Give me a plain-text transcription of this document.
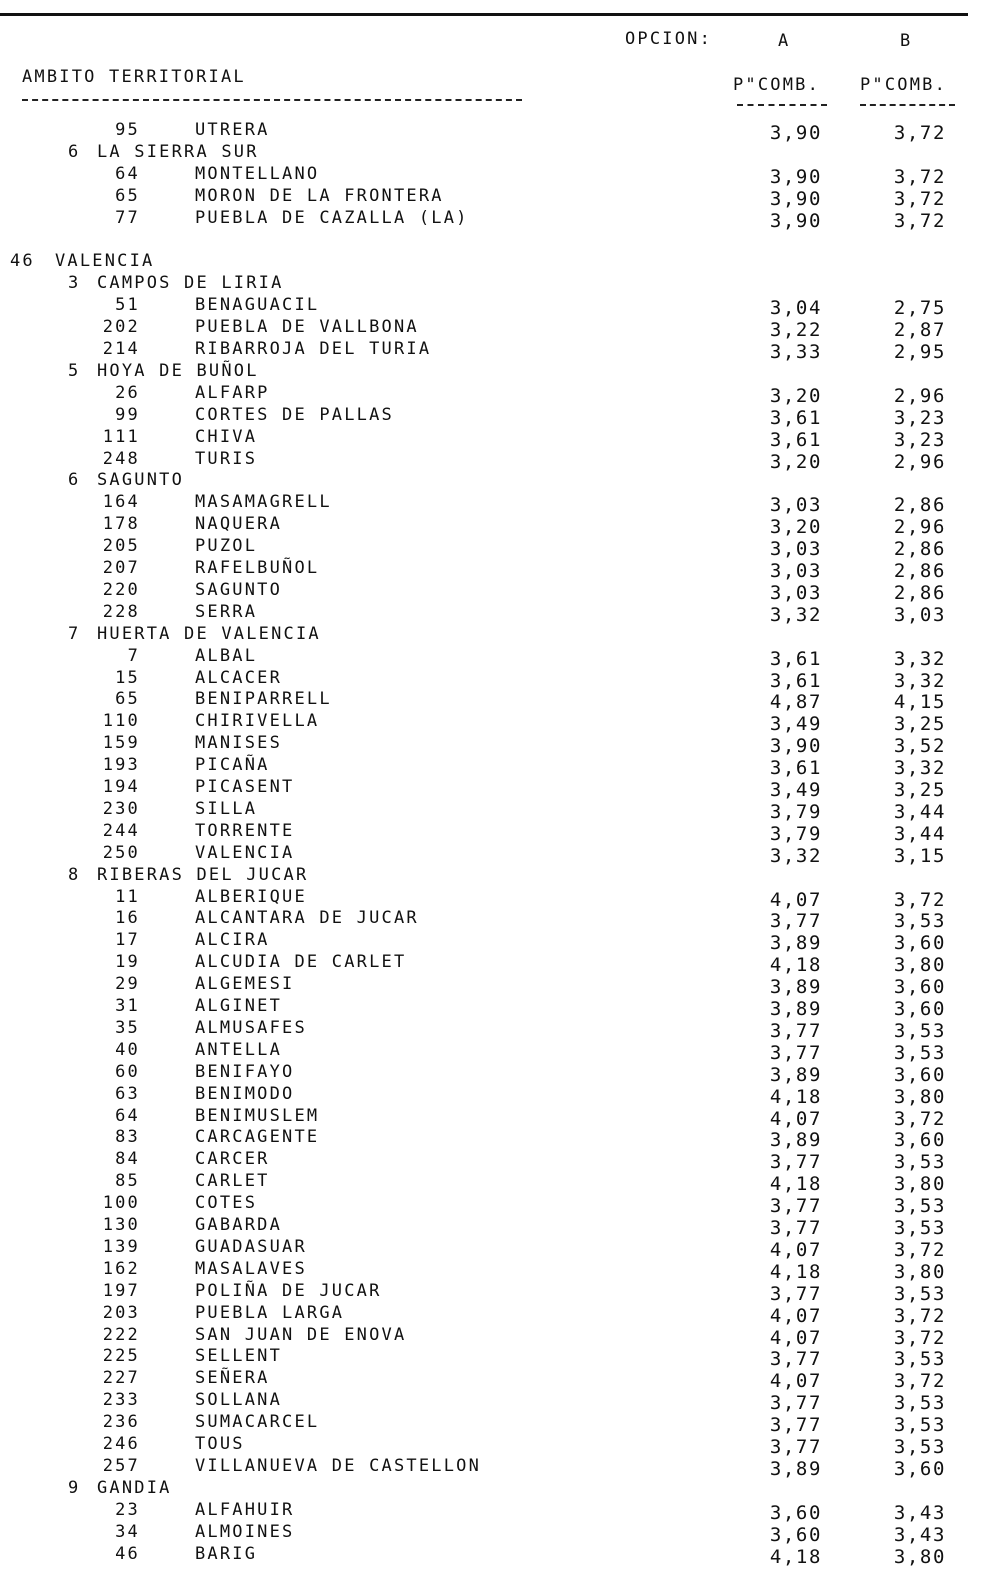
OPCION:	A	B
AMBITO TERRITORIAL	P"COMB. P"COMB.
95	UTRERA	3,90	3,72
6 LA SIERRA SUR
64	MONTELLANO	3,90	3,72
65	MORON DE LA FRONTERA	3,90	3,72
77	PUEBLA DE CAZALLA (LA)	3,90	3,72
46 VALENCIA
3 CAMPOS DE LIRIA
51	BENAGUACIL	3,04	2,75
202	PUEBLA DE VALLBONA	3,22	2,87
214	RIBARROJA DEL TURIA	3,33	2,95
5 HOYA DE BUÑOL
26	ALFARP	3,20	2,96
99	CORTES DE PALLAS	3,61	3,23
111	CHIVA	3,61	3,23
248	TURIS	3,20	2,96
6 SAGUNTO
164	MASAMAGRELL	3,03	2,86
178	NAQUERA	3,20	2,96
205	PUZOL	3,03	2,86
207	RAFELBUÑOL	3,03	2,86
220	SAGUNTO	3,03	2,86
228	SERRA	3,32	3,03
7 HUERTA DE VALENCIA
7	ALBAL	3,61	3,32
15	ALCACER	3,61	3,32
65	BENIPARRELL	4,87	4,15
110	CHIRIVELLA	3,49	3,25
159	MANISES	3,90	3,52
193	PICAÑA	3,61	3,32
194	PICASENT	3,49	3,25
230	SILLA	3,79	3,44
244	TORRENTE	3,79	3,44
250	VALENCIA	3,32	3,15
8 RIBERAS DEL JUCAR
11	ALBERIQUE	4,07	3,72
16	ALCANTARA DE JUCAR	3,77	3,53
17	ALCIRA	3,89	3,60
19	ALCUDIA DE CARLET	4,18	3,80
29	ALGEMESI	3,89	3,60
31	ALGINET	3,89	3,60
35	ALMUSAFES	3,77	3,53
40	ANTELLA	3,77	3,53
60	BENIFAYO	3,89	3,60
63	BENIMODO	4,18	3,80
64	BENIMUSLEM	4,07	3,72
83	CARCAGENTE	3,89	3,60
84	CARCER	3,77	3,53
85	CARLET	4,18	3,80
100	COTES	3,77	3,53
130	GABARDA	3,77	3,53
139	GUADASUAR	4,07	3,72
162	MASALAVES	4,18	3,80
197	POLIÑA DE JUCAR	3,77	3,53
203	PUEBLA LARGA	4,07	3,72
222	SAN JUAN DE ENOVA	4,07	3,72
225	SELLENT	3,77	3,53
227	SEÑERA	4,07	3,72
233	SOLLANA	3,77	3,53
236	SUMACARCEL	3,77	3,53
246	TOUS	3,77	3,53
257	VILLANUEVA DE CASTELLON	3,89	3,60
9 GANDIA
23	ALFAHUIR	3,60	3,43
34	ALMOINES	3,60	3,43
46	BARIG	4,18	3,80
